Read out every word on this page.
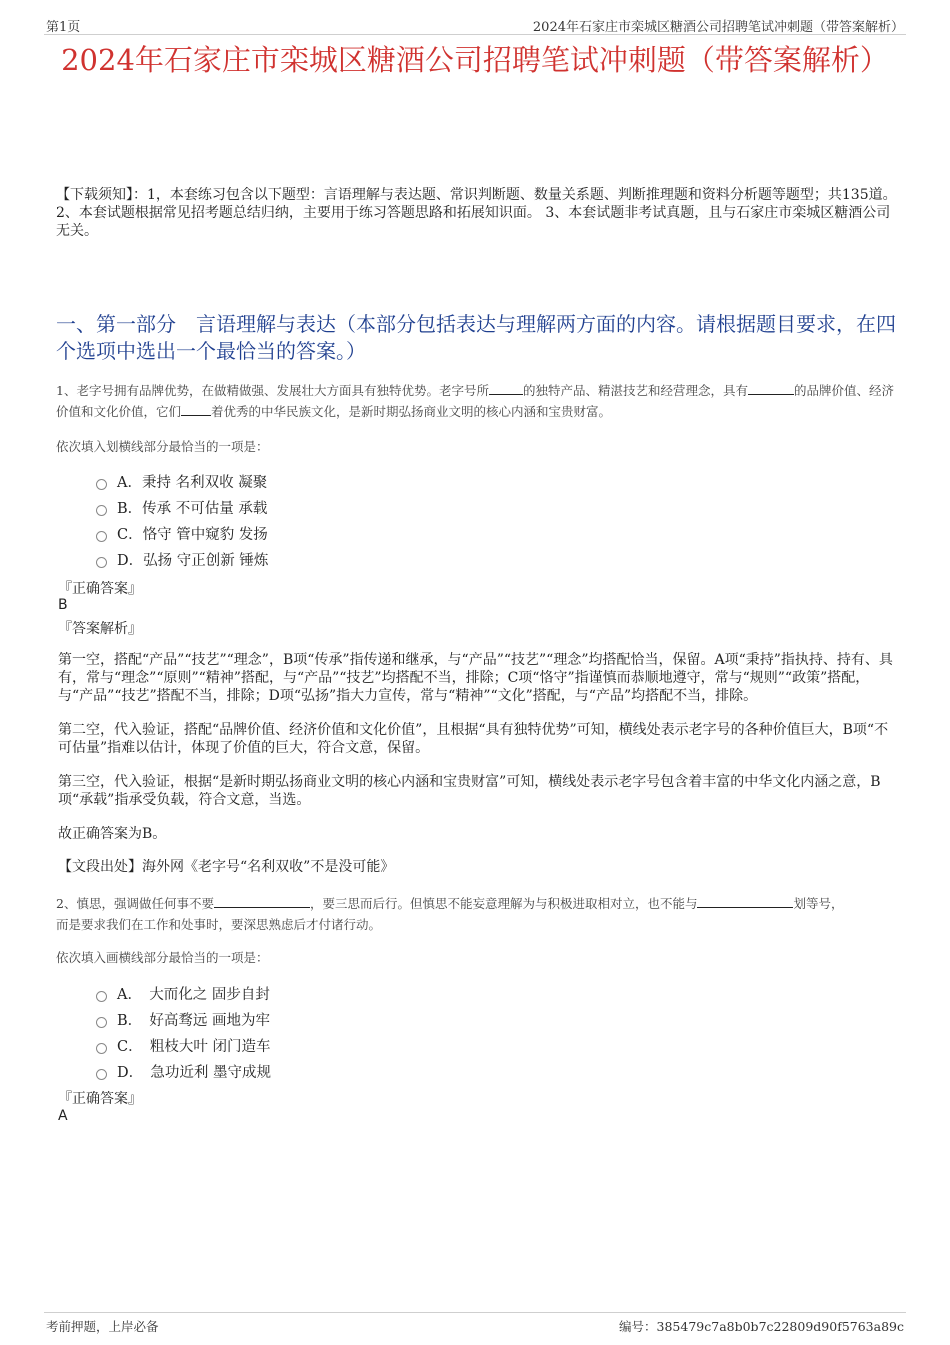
第1页	2024年石家庄市栾城区糖酒公司招聘笔试冲刺题（带答案解析）
2024年石家庄市栾城区糖酒公司招聘笔试冲刺题（带答案解析）
【下载须知】：1，本套练习包含以下题型：言语理解与表达题、常识判断题、数量关系题、判断推理题和资料分析题等题型；共135道。 2、本套试题根据常见招考题总结归纳，主要用于练习答题思路和拓展知识面。 3、本套试题非考试真题，且与石家庄市栾城区糖酒公司无关。
一、第一部分　言语理解与表达（本部分包括表达与理解两方面的内容。请根据题目要求，在四个选项中选出一个最恰当的答案。）
1、老字号拥有品牌优势，在做精做强、发展壮大方面具有独特优势。老字号所	的独特产品、精湛技艺和经营理念，具有	的品牌价值、经济价值和文化价值，它们 着优秀的中华民族文化，是新时期弘扬商业文明的核心内涵和宝贵财富。
依次填入划横线部分最恰当的一项是：
A．秉持 名利双收 凝聚
B．传承 不可估量 承载
C．恪守 管中窥豹 发扬
D．弘扬 守正创新 锤炼
『正确答案』
B
『答案解析』
第一空，搭配“产品”“技艺”“理念”，B项“传承”指传递和继承，与“产品”“技艺”“理念”均搭配恰当，保留。A项“秉持”指执持、持有、具有，常与“理念”“原则”“精神”搭配，与“产品”“技艺”均搭配不当，排除；C项“恪守”指谨慎而恭顺地遵守，常与“规则”“政策”搭配，与“产品”“技艺”搭配不当，排除；D项“弘扬”指大力宣传，常与“精神”“文化”搭配，与“产品”均搭配不当，排除。
第二空，代入验证，搭配“品牌价值、经济价值和文化价值”，且根据“具有独特优势”可知，横线处表示老字号的各种价值巨大，B项“不可估量”指难以估计，体现了价值的巨大，符合文意，保留。
第三空，代入验证，根据“是新时期弘扬商业文明的核心内涵和宝贵财富”可知，横线处表示老字号包含着丰富的中华文化内涵之意，B项“承载”指承受负载，符合文意，当选。
故正确答案为B。
【文段出处】海外网《老字号“名利双收”不是没可能》
2、慎思，强调做任何事不要	，要三思而后行。但慎思不能妄意理解为与积极进取相对立，也不能与	划等号，
而是要求我们在工作和处事时，要深思熟虑后才付诸行动。
依次填入画横线部分最恰当的一项是：
A．　大而化之 固步自封
B．　好高骛远 画地为牢
C．　粗枝大叶 闭门造车
D．　急功近利 墨守成规
『正确答案』
A
考前押题，上岸必备	编号：385479c7a8b0b7c22809d90f5763a89c
